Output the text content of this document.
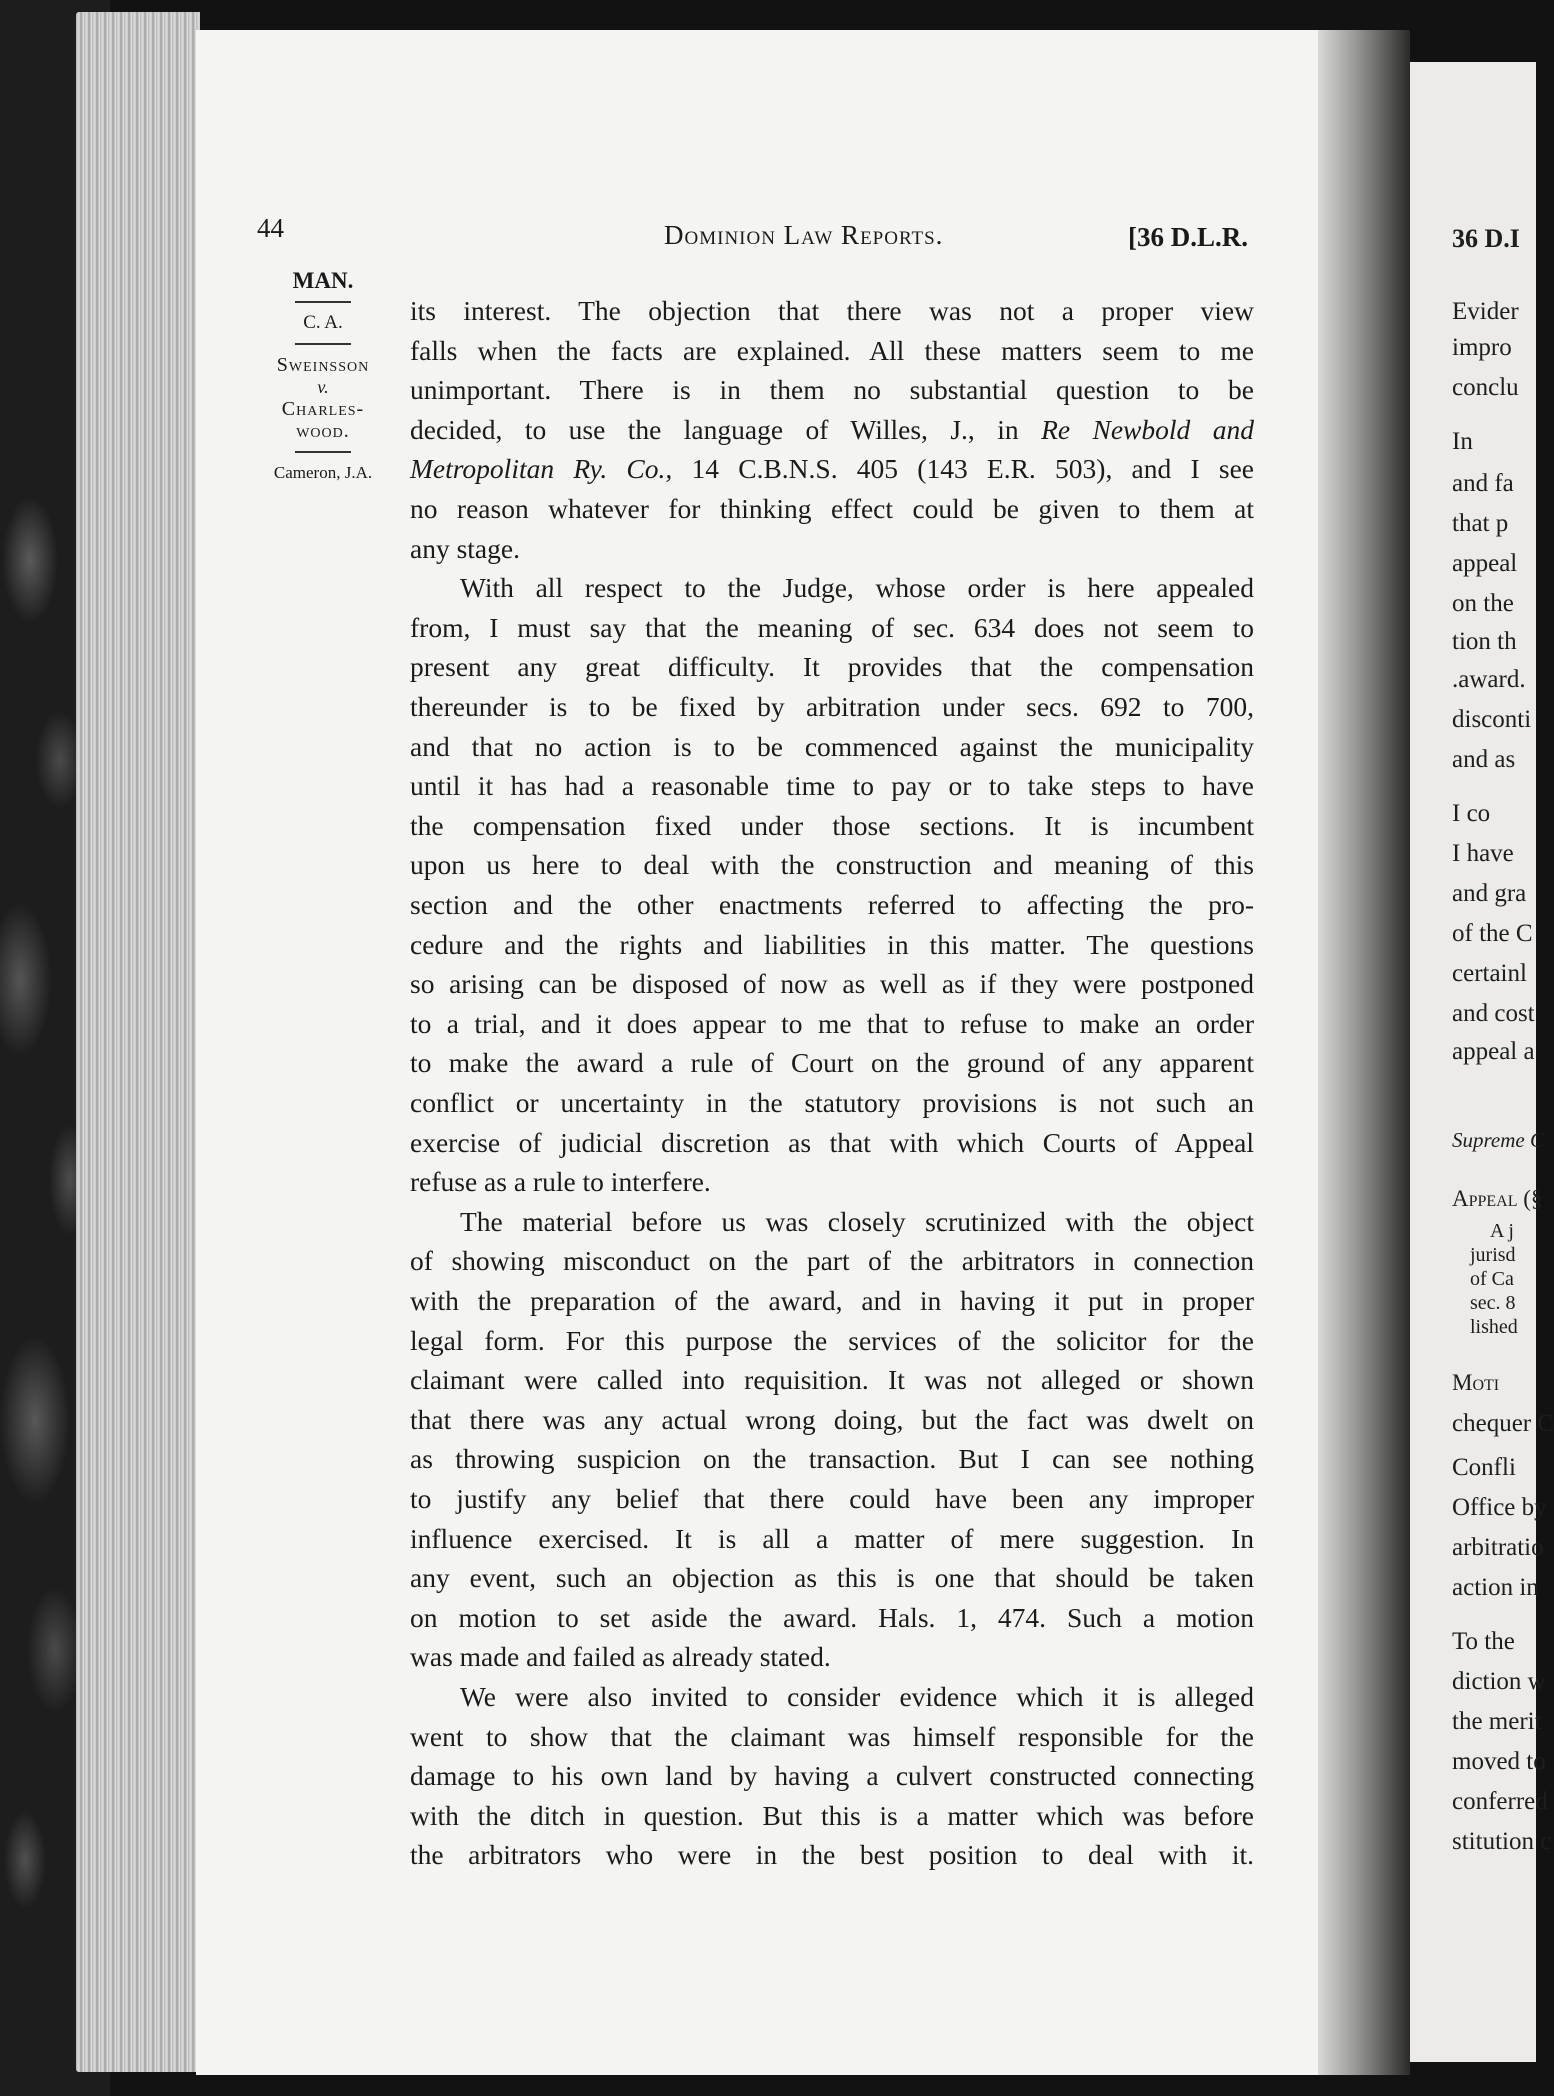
36 D.I
Evider
impro
conclu
In
and fa
that p
appeal
on the
tion th
.award.
disconti
and as
I co
I have
and gra
of the C
certainl
and cost
appeal a
Supreme C
Appeal (§
A j
jurisd
of Ca
sec. 8
lished
Moti
chequer C
Confli
Office by
arbitratio
action in
To the
diction w
the merit
moved to
conferred
stitution c
44	Dominion Law Reports.	[36 D.L.R.
MAN.
C. A.
Sweinsson
v.
Charles-
wood.
Cameron, J.A.
its interest. The objection that there was not a proper view
falls when the facts are explained. All these matters seem to me
unimportant. There is in them no substantial question to be
decided, to use the language of Willes, J., in Re Newbold and
Metropolitan Ry. Co., 14 C.B.N.S. 405 (143 E.R. 503), and I see
no reason whatever for thinking effect could be given to them at
any stage.
With all respect to the Judge, whose order is here appealed
from, I must say that the meaning of sec. 634 does not seem to
present any great difficulty. It provides that the compensation
thereunder is to be fixed by arbitration under secs. 692 to 700,
and that no action is to be commenced against the municipality
until it has had a reasonable time to pay or to take steps to have
the compensation fixed under those sections. It is incumbent
upon us here to deal with the construction and meaning of this
section and the other enactments referred to affecting the pro-
cedure and the rights and liabilities in this matter. The questions
so arising can be disposed of now as well as if they were postponed
to a trial, and it does appear to me that to refuse to make an order
to make the award a rule of Court on the ground of any apparent
conflict or uncertainty in the statutory provisions is not such an
exercise of judicial discretion as that with which Courts of Appeal
refuse as a rule to interfere.
The material before us was closely scrutinized with the object
of showing misconduct on the part of the arbitrators in connection
with the preparation of the award, and in having it put in proper
legal form. For this purpose the services of the solicitor for the
claimant were called into requisition. It was not alleged or shown
that there was any actual wrong doing, but the fact was dwelt on
as throwing suspicion on the transaction. But I can see nothing
to justify any belief that there could have been any improper
influence exercised. It is all a matter of mere suggestion. In
any event, such an objection as this is one that should be taken
on motion to set aside the award. Hals. 1, 474. Such a motion
was made and failed as already stated.
We were also invited to consider evidence which it is alleged
went to show that the claimant was himself responsible for the
damage to his own land by having a culvert constructed connecting
with the ditch in question. But this is a matter which was before
the arbitrators who were in the best position to deal with it.
